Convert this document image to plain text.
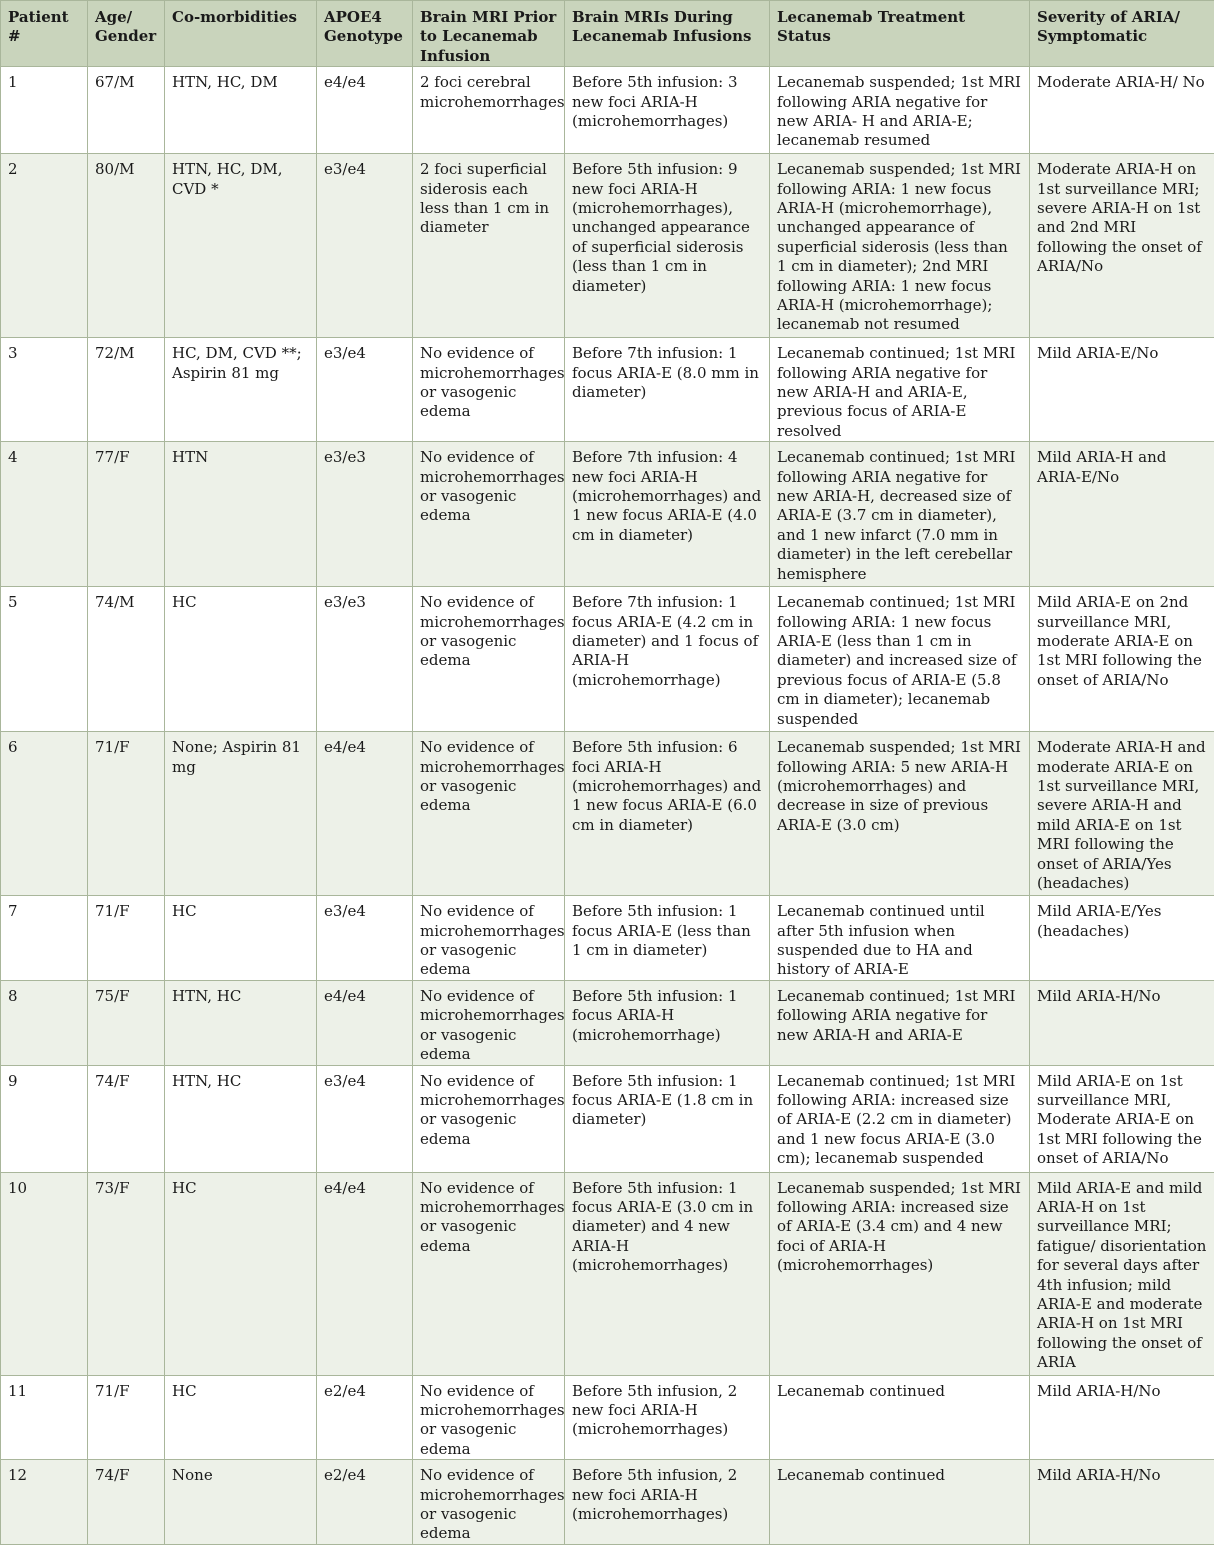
Patient #	Age/ Gender	Co-morbidities	APOE4 Genotype	Brain MRI Prior to Lecanemab Infusion	Brain MRIs During Lecanemab Infusions	Lecanemab Treatment Status	Severity of ARIA/ Symptomatic
1	67/M	HTN, HC, DM	e4/e4	2 foci cerebral microhemorrhages	Before 5th infusion: 3 new foci ARIA-H (microhemorrhages)	Lecanemab suspended; 1st MRI following ARIA negative for new ARIA- H and ARIA-E; lecanemab resumed	Moderate ARIA-H/ No
2	80/M	HTN, HC, DM, CVD *	e3/e4	2 foci superficial siderosis each less than 1 cm in diameter	Before 5th infusion: 9 new foci ARIA-H (microhemorrhages), unchanged appearance of superficial siderosis (less than 1 cm in diameter)	Lecanemab suspended; 1st MRI following ARIA: 1 new focus ARIA-H (microhemorrhage), unchanged appearance of superficial siderosis (less than 1 cm in diameter); 2nd MRI following ARIA: 1 new focus ARIA-H (microhemorrhage); lecanemab not resumed	Moderate ARIA-H on 1st surveillance MRI; severe ARIA-H on 1st and 2nd MRI following the onset of ARIA/No
3	72/M	HC, DM, CVD **; Aspirin 81 mg	e3/e4	No evidence of microhemorrhages or vasogenic edema	Before 7th infusion: 1 focus ARIA-E (8.0 mm in diameter)	Lecanemab continued; 1st MRI following ARIA negative for new ARIA-H and ARIA-E, previous focus of ARIA-E resolved	Mild ARIA-E/No
4	77/F	HTN	e3/e3	No evidence of microhemorrhages or vasogenic edema	Before 7th infusion: 4 new foci ARIA-H (microhemorrhages) and 1 new focus ARIA-E (4.0 cm in diameter)	Lecanemab continued; 1st MRI following ARIA negative for new ARIA-H, decreased size of ARIA-E (3.7 cm in diameter), and 1 new infarct (7.0 mm in diameter) in the left cerebellar hemisphere	Mild ARIA-H and ARIA-E/No
5	74/M	HC	e3/e3	No evidence of microhemorrhages or vasogenic edema	Before 7th infusion: 1 focus ARIA-E (4.2 cm in diameter) and 1 focus of ARIA-H (microhemorrhage)	Lecanemab continued; 1st MRI following ARIA: 1 new focus ARIA-E (less than 1 cm in diameter) and increased size of previous focus of ARIA-E (5.8 cm in diameter); lecanemab suspended	Mild ARIA-E on 2nd surveillance MRI, moderate ARIA-E on 1st MRI following the onset of ARIA/No
6	71/F	None; Aspirin 81 mg	e4/e4	No evidence of microhemorrhages or vasogenic edema	Before 5th infusion: 6 foci ARIA-H (microhemorrhages) and 1 new focus ARIA-E (6.0 cm in diameter)	Lecanemab suspended; 1st MRI following ARIA: 5 new ARIA-H (microhemorrhages) and decrease in size of previous ARIA-E (3.0 cm)	Moderate ARIA-H and moderate ARIA-E on 1st surveillance MRI, severe ARIA-H and mild ARIA-E on 1st MRI following the onset of ARIA/Yes (headaches)
7	71/F	HC	e3/e4	No evidence of microhemorrhages or vasogenic edema	Before 5th infusion: 1 focus ARIA-E (less than 1 cm in diameter)	Lecanemab continued until after 5th infusion when suspended due to HA and history of ARIA-E	Mild ARIA-E/Yes (headaches)
8	75/F	HTN, HC	e4/e4	No evidence of microhemorrhages or vasogenic edema	Before 5th infusion: 1 focus ARIA-H (microhemorrhage)	Lecanemab continued; 1st MRI following ARIA negative for new ARIA-H and ARIA-E	Mild ARIA-H/No
9	74/F	HTN, HC	e3/e4	No evidence of microhemorrhages or vasogenic edema	Before 5th infusion: 1 focus ARIA-E (1.8 cm in diameter)	Lecanemab continued; 1st MRI following ARIA: increased size of ARIA-E (2.2 cm in diameter) and 1 new focus ARIA-E (3.0 cm); lecanemab suspended	Mild ARIA-E on 1st surveillance MRI, Moderate ARIA-E on 1st MRI following the onset of ARIA/No
10	73/F	HC	e4/e4	No evidence of microhemorrhages or vasogenic edema	Before 5th infusion: 1 focus ARIA-E (3.0 cm in diameter) and 4 new ARIA-H (microhemorrhages)	Lecanemab suspended; 1st MRI following ARIA: increased size of ARIA-E (3.4 cm) and 4 new foci of ARIA-H (microhemorrhages)	Mild ARIA-E and mild ARIA-H on 1st surveillance MRI; fatigue/ disorientation for several days after 4th infusion; mild ARIA-E and moderate ARIA-H on 1st MRI following the onset of ARIA
11	71/F	HC	e2/e4	No evidence of microhemorrhages or vasogenic edema	Before 5th infusion, 2 new foci ARIA-H (microhemorrhages)	Lecanemab continued	Mild ARIA-H/No
12	74/F	None	e2/e4	No evidence of microhemorrhages or vasogenic edema	Before 5th infusion, 2 new foci ARIA-H (microhemorrhages)	Lecanemab continued	Mild ARIA-H/No
